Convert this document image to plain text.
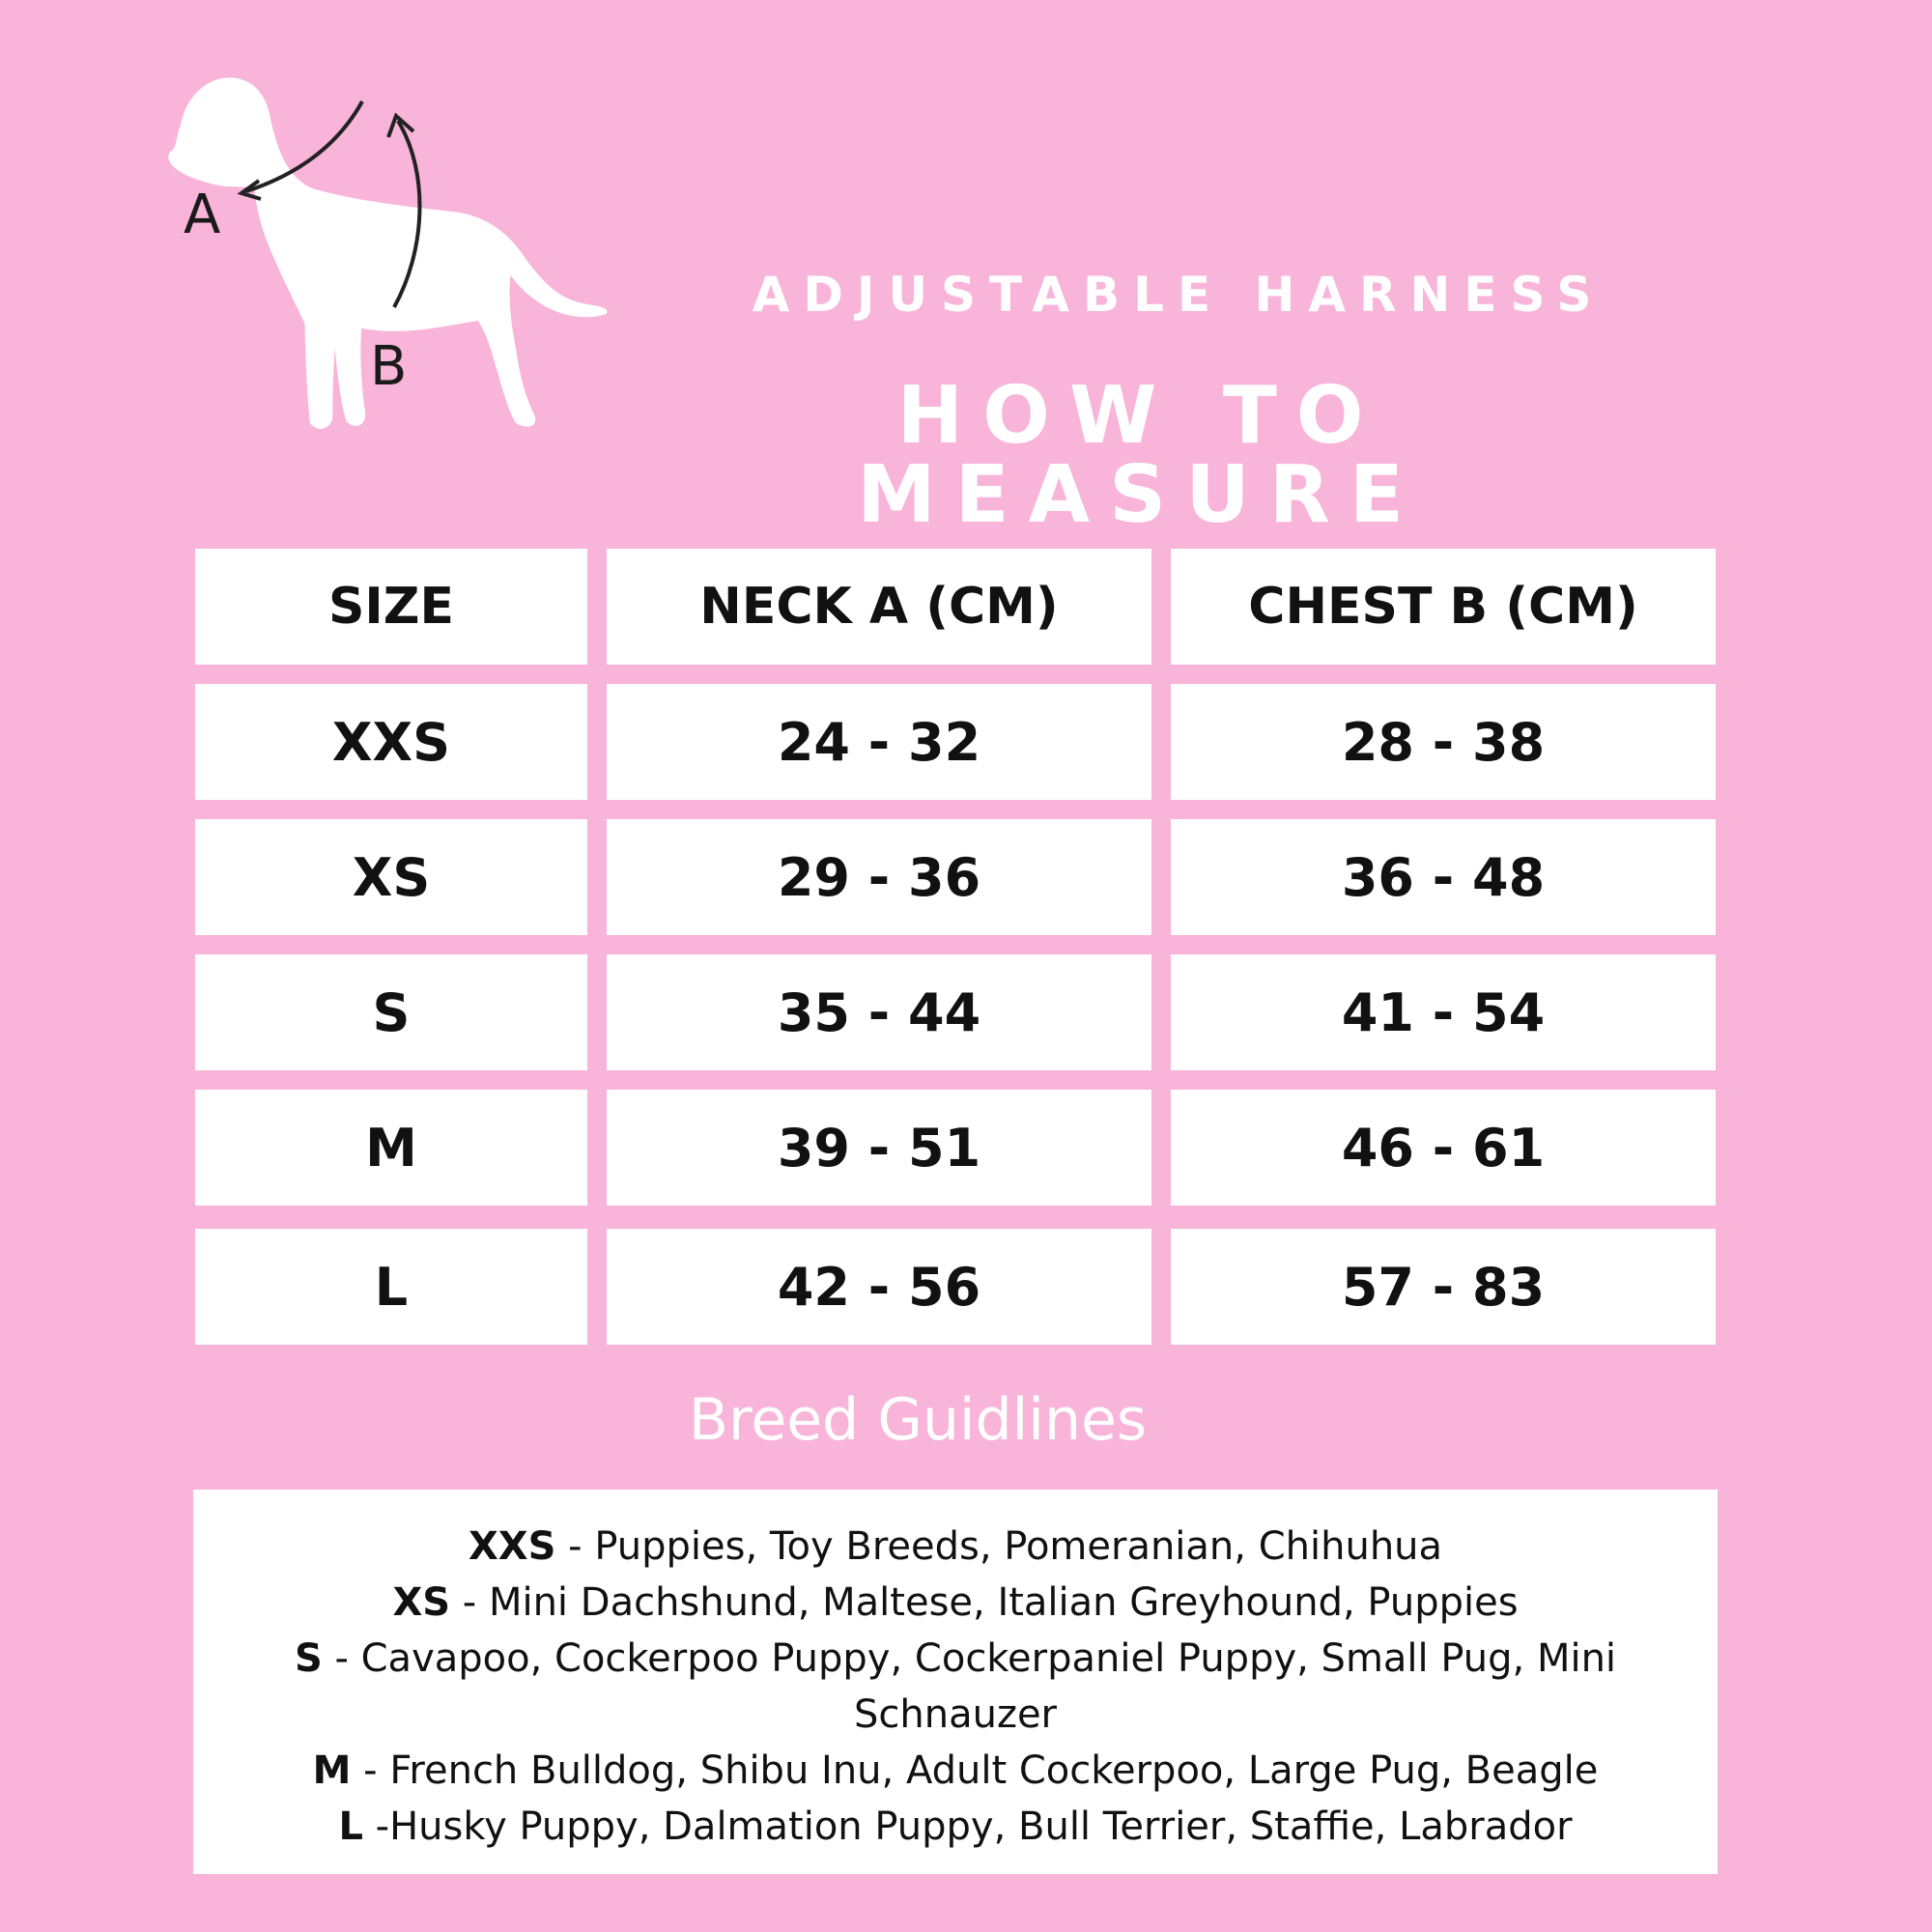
A
B
ADJUSTABLE HARNESS
HOW TO MEASURE
SIZE	NECK A (CM)	CHEST B (CM)
XXS	24 - 32	28 - 38
XS	29 - 36	36 - 48
S	35 - 44	41 - 54
M	39 - 51	46 - 61
L	42 - 56	57 - 83
Breed Guidlines

XXS - Puppies, Toy Breeds, Pomeranian, Chihuhua

XS - Mini Dachshund, Maltese, Italian Greyhound, Puppies

S - Cavapoo, Cockerpoo Puppy, Cockerpaniel Puppy, Small Pug, Mini Schnauzer

M - French Bulldog, Shibu Inu, Adult Cockerpoo, Large Pug, Beagle

L -Husky Puppy, Dalmation Puppy, Bull Terrier, Staffie, Labrador
